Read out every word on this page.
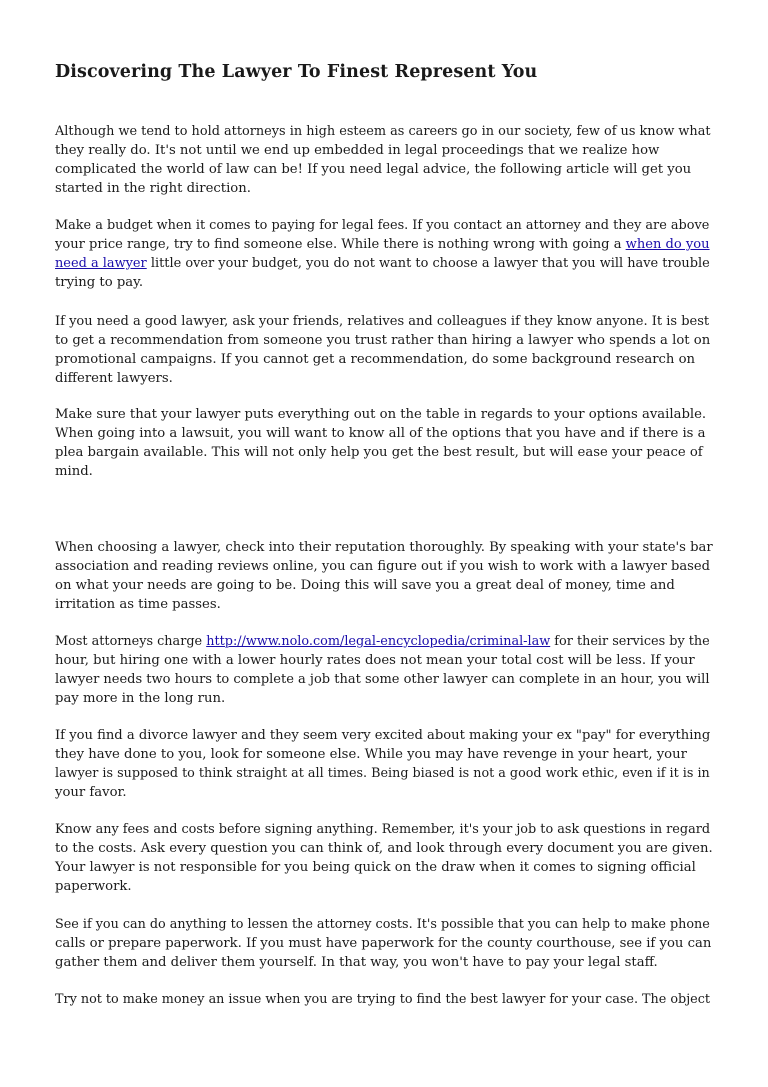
Discovering The Lawyer To Finest Represent You
Although we tend to hold attorneys in high esteem as careers go in our society, few of us know what
they really do. It's not until we end up embedded in legal proceedings that we realize how
complicated the world of law can be! If you need legal advice, the following article will get you
started in the right direction.
Make a budget when it comes to paying for legal fees. If you contact an attorney and they are above
your price range, try to find someone else. While there is nothing wrong with going a when do you
need a lawyer little over your budget, you do not want to choose a lawyer that you will have trouble
trying to pay.
If you need a good lawyer, ask your friends, relatives and colleagues if they know anyone. It is best
to get a recommendation from someone you trust rather than hiring a lawyer who spends a lot on
promotional campaigns. If you cannot get a recommendation, do some background research on
different lawyers.
Make sure that your lawyer puts everything out on the table in regards to your options available.
When going into a lawsuit, you will want to know all of the options that you have and if there is a
plea bargain available. This will not only help you get the best result, but will ease your peace of
mind.
When choosing a lawyer, check into their reputation thoroughly. By speaking with your state's bar
association and reading reviews online, you can figure out if you wish to work with a lawyer based
on what your needs are going to be. Doing this will save you a great deal of money, time and
irritation as time passes.
Most attorneys charge http://www.nolo.com/legal-encyclopedia/criminal-law for their services by the
hour, but hiring one with a lower hourly rates does not mean your total cost will be less. If your
lawyer needs two hours to complete a job that some other lawyer can complete in an hour, you will
pay more in the long run.
If you find a divorce lawyer and they seem very excited about making your ex "pay" for everything
they have done to you, look for someone else. While you may have revenge in your heart, your
lawyer is supposed to think straight at all times. Being biased is not a good work ethic, even if it is in
your favor.
Know any fees and costs before signing anything. Remember, it's your job to ask questions in regard
to the costs. Ask every question you can think of, and look through every document you are given.
Your lawyer is not responsible for you being quick on the draw when it comes to signing official
paperwork.
See if you can do anything to lessen the attorney costs. It's possible that you can help to make phone
calls or prepare paperwork. If you must have paperwork for the county courthouse, see if you can
gather them and deliver them yourself. In that way, you won't have to pay your legal staff.
Try not to make money an issue when you are trying to find the best lawyer for your case. The object
